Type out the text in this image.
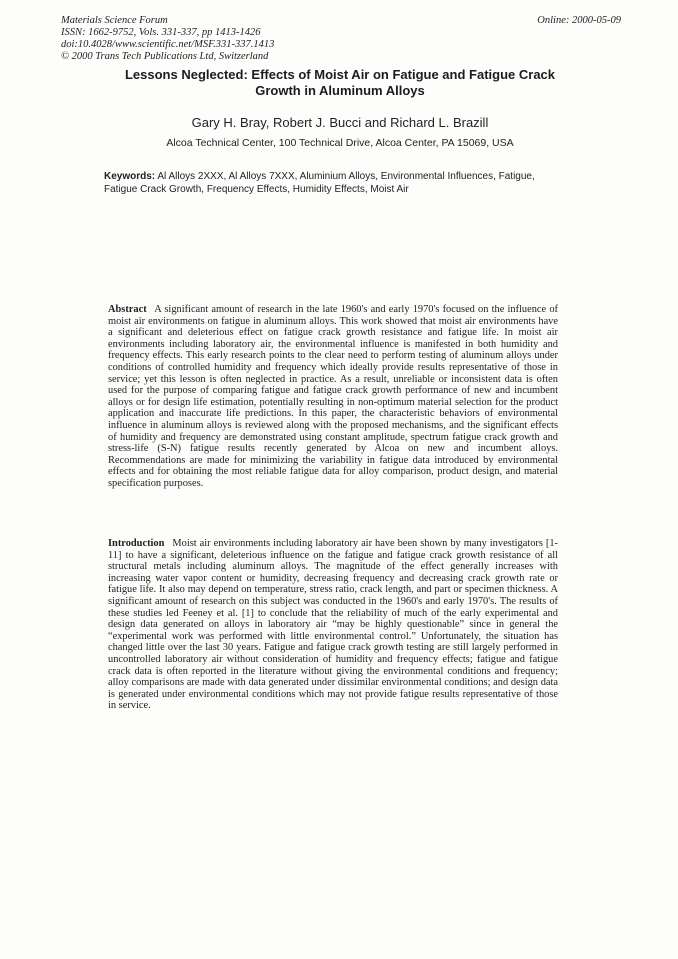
Materials Science Forum
ISSN: 1662-9752, Vols. 331-337, pp 1413-1426
doi:10.4028/www.scientific.net/MSF.331-337.1413
© 2000 Trans Tech Publications Ltd, Switzerland
Online: 2000-05-09
Lessons Neglected: Effects of Moist Air on Fatigue and Fatigue Crack
Growth in Aluminum Alloys
Gary H. Bray, Robert J. Bucci and Richard L. Brazill
Alcoa Technical Center, 100 Technical Drive, Alcoa Center, PA 15069, USA
Keywords: Al Alloys 2XXX, Al Alloys 7XXX, Aluminium Alloys, Environmental Influences, Fatigue, Fatigue Crack Growth, Frequency Effects, Humidity Effects, Moist Air
Abstract A significant amount of research in the late 1960's and early 1970's focused on the influence of moist air environments on fatigue in aluminum alloys. This work showed that moist air environments have a significant and deleterious effect on fatigue crack growth resistance and fatigue life. In moist air environments including laboratory air, the environmental influence is manifested in both humidity and frequency effects. This early research points to the clear need to perform testing of aluminum alloys under conditions of controlled humidity and frequency which ideally provide results representative of those in service; yet this lesson is often neglected in practice. As a result, unreliable or inconsistent data is often used for the purpose of comparing fatigue and fatigue crack growth performance of new and incumbent alloys or for design life estimation, potentially resulting in non-optimum material selection for the product application and inaccurate life predictions. In this paper, the characteristic behaviors of environmental influence in aluminum alloys is reviewed along with the proposed mechanisms, and the significant effects of humidity and frequency are demonstrated using constant amplitude, spectrum fatigue crack growth and stress-life (S-N) fatigue results recently generated by Alcoa on new and incumbent alloys. Recommendations are made for minimizing the variability in fatigue data introduced by environmental effects and for obtaining the most reliable fatigue data for alloy comparison, product design, and material specification purposes.
Introduction Moist air environments including laboratory air have been shown by many investigators [1-11] to have a significant, deleterious influence on the fatigue and fatigue crack growth resistance of all structural metals including aluminum alloys. The magnitude of the effect generally increases with increasing water vapor content or humidity, decreasing frequency and decreasing crack growth rate or fatigue life. It also may depend on temperature, stress ratio, crack length, and part or specimen thickness. A significant amount of research on this subject was conducted in the 1960's and early 1970's. The results of these studies led Feeney et al. [1] to conclude that the reliability of much of the early experimental and design data generated on alloys in laboratory air “may be highly questionable” since in general the “experimental work was performed with little environmental control.” Unfortunately, the situation has changed little over the last 30 years. Fatigue and fatigue crack growth testing are still largely performed in uncontrolled laboratory air without consideration of humidity and frequency effects; fatigue and fatigue crack data is often reported in the literature without giving the environmental conditions and frequency; alloy comparisons are made with data generated under dissimilar environmental conditions; and design data is generated under environmental conditions which may not provide fatigue results representative of those in service.
